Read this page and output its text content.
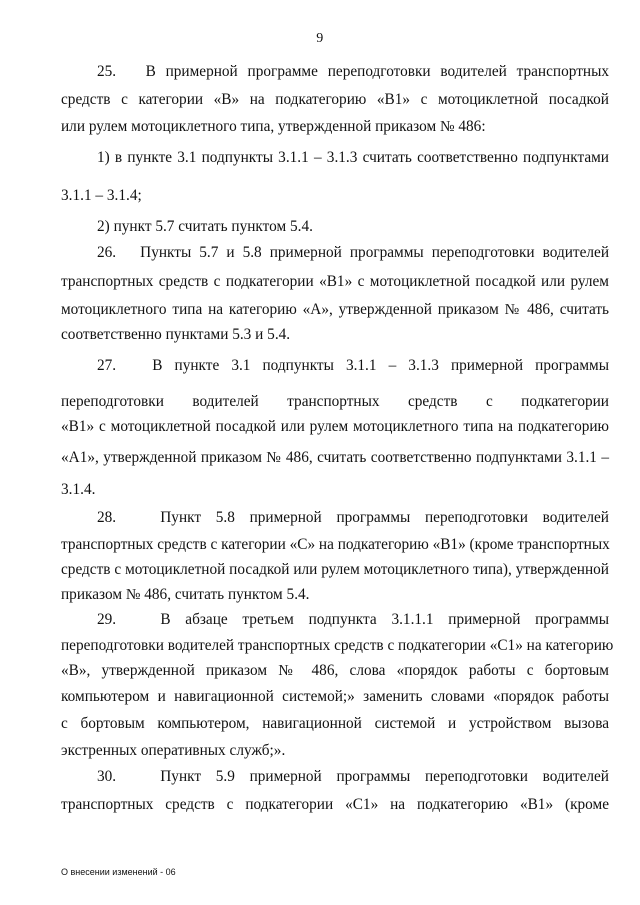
9
25.   В примерной программе переподготовки водителей транспортных
средств с категории «В» на подкатегорию «В1» с мотоциклетной посадкой
или рулем мотоциклетного типа, утвержденной приказом № 486:
1) в пункте 3.1 подпункты 3.1.1 – 3.1.3 считать соответственно подпунктами
3.1.1 – 3.1.4;
2) пункт 5.7 считать пунктом 5.4.
26.   Пункты 5.7 и 5.8 примерной программы переподготовки водителей
транспортных средств с подкатегории «В1» с мотоциклетной посадкой или рулем
мотоциклетного типа на категорию «А», утвержденной приказом № 486, считать
соответственно пунктами 5.3 и 5.4.
27.   В пункте 3.1 подпункты 3.1.1 – 3.1.3 примерной программы
переподготовки водителей транспортных средств с подкатегории
«В1» с мотоциклетной посадкой или рулем мотоциклетного типа на подкатегорию
«А1», утвержденной приказом № 486, считать соответственно подпунктами 3.1.1 –
3.1.4.
28.   Пункт 5.8 примерной программы переподготовки водителей
транспортных средств с категории «С» на подкатегорию «В1» (кроме транспортных
средств с мотоциклетной посадкой или рулем мотоциклетного типа), утвержденной
приказом № 486, считать пунктом 5.4.
29.   В абзаце третьем подпункта 3.1.1.1 примерной программы
переподготовки водителей транспортных средств с подкатегории «С1» на категорию
«В», утвержденной приказом № 486, слова «порядок работы с бортовым
компьютером и навигационной системой;» заменить словами «порядок работы
с бортовым компьютером, навигационной системой и устройством вызова
экстренных оперативных служб;».
30.   Пункт 5.9 примерной программы переподготовки водителей
транспортных средств с подкатегории «С1» на подкатегорию «В1» (кроме
О внесении изменений - 06
